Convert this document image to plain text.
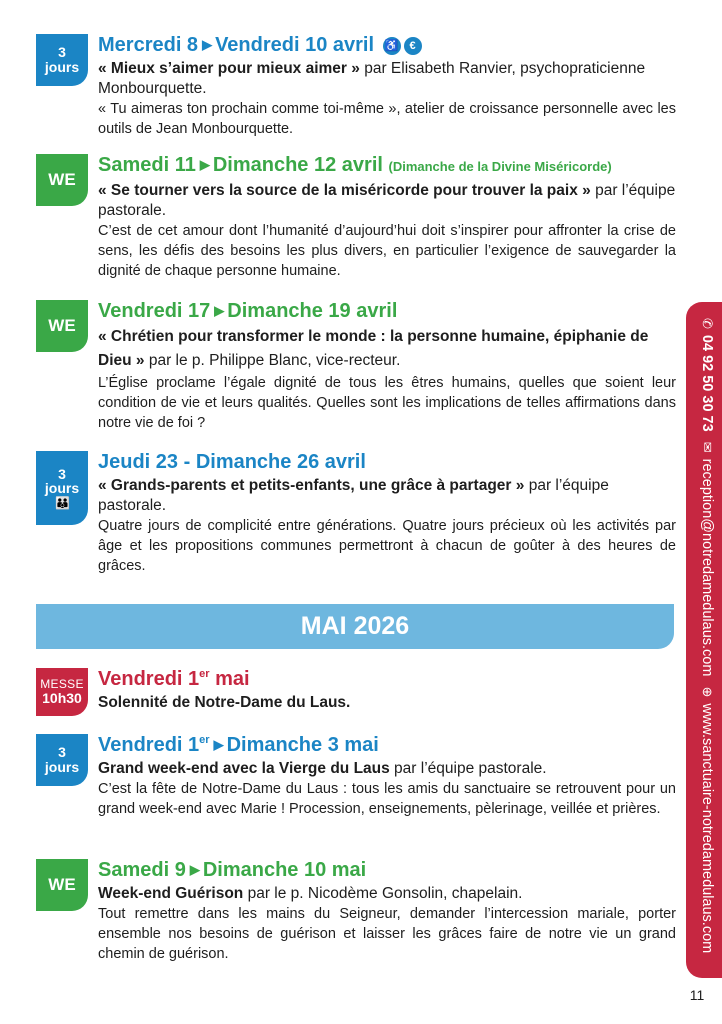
3
jours
Mercredi 8 ▶ Vendredi 10 avril ♿ €
« Mieux s’aimer pour mieux aimer » par Elisabeth Ranvier, psychopraticienne Monbourquette.
« Tu aimeras ton prochain comme toi-même », atelier de croissance personnelle avec les outils de Jean Monbourquette.
WE
Samedi 11 ▶ Dimanche 12 avril (Dimanche de la Divine Miséricorde)
« Se tourner vers la source de la miséricorde pour trouver la paix » par l’équipe pastorale.
C’est de cet amour dont l’humanité d’aujourd’hui doit s’inspirer pour affronter la crise de sens, les défis des besoins les plus divers, en particulier l’exigence de sauvegarder la dignité de chaque personne humaine.
WE
Vendredi 17 ▶ Dimanche 19 avril
« Chrétien pour transformer le monde : la personne humaine, épiphanie de Dieu » par le p. Philippe Blanc, vice-recteur.
L’Église proclame l’égale dignité de tous les êtres humains, quelles que soient leur condition de vie et leurs qualités. Quelles sont les implications de telles affirmations dans notre vie de foi ?
3
jours
👪
Jeudi 23 - Dimanche 26 avril
« Grands-parents et petits-enfants, une grâce à partager » par l’équipe pastorale.
Quatre jours de complicité entre générations. Quatre jours précieux où les activités par âge et les propositions communes permettront à chacun de goûter à des heures de grâces.
MAI 2026
MESSE
10h30
Vendredi 1er mai
Solennité de Notre-Dame du Laus.
3
jours
Vendredi 1er ▶ Dimanche 3 mai
Grand week-end avec la Vierge du Laus par l’équipe pastorale.
C’est la fête de Notre-Dame du Laus : tous les amis du sanctuaire se retrouvent pour un grand week-end avec Marie ! Procession, enseignements, pèlerinage, veillée et prières.
WE
Samedi 9 ▶ Dimanche 10 mai
Week-end Guérison par le p. Nicodème Gonsolin, chapelain.
Tout remettre dans les mains du Seigneur, demander l’intercession mariale, porter ensemble nos besoins de guérison et laisser les grâces faire de notre vie un grand chemin de guérison.
✆04 92 50 30 73 ✉reception@notredamedulaus.com ⊕www.sanctuaire-notredamedulaus.com
11
